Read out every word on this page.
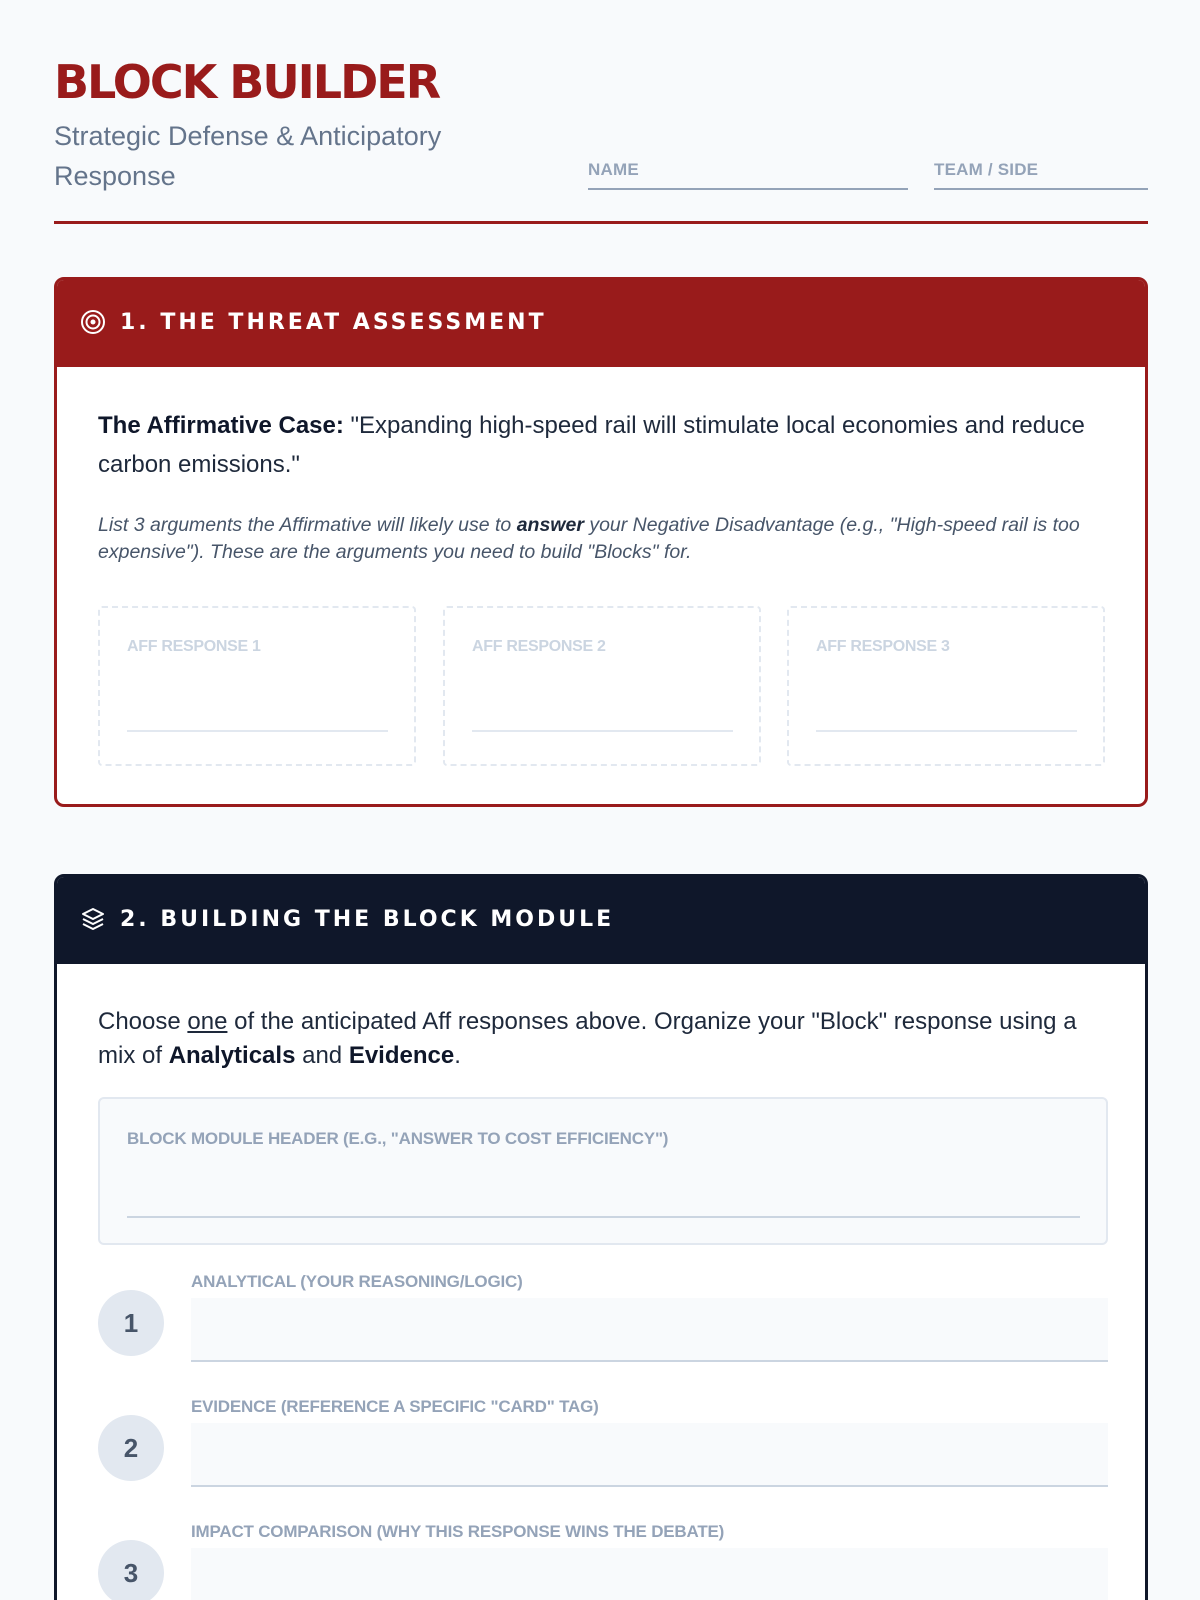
BLOCK BUILDER
Strategic Defense & Anticipatory Response	NAME	TEAM / SIDE
1. THE THREAT ASSESSMENT
The Affirmative Case: "Expanding high-speed rail will stimulate local economies and reduce carbon emissions."
List 3 arguments the Affirmative will likely use to answer your Negative Disadvantage (e.g., "High-speed rail is too expensive"). These are the arguments you need to build "Blocks" for.
AFF RESPONSE 1	AFF RESPONSE 2	AFF RESPONSE 3
2. BUILDING THE BLOCK MODULE
Choose one of the anticipated Aff responses above. Organize your "Block" response using a mix of Analyticals and Evidence.
BLOCK MODULE HEADER (E.G., "ANSWER TO COST EFFICIENCY")
1
ANALYTICAL (YOUR REASONING/LOGIC)
2
EVIDENCE (REFERENCE A SPECIFIC "CARD" TAG)
3
IMPACT COMPARISON (WHY THIS RESPONSE WINS THE DEBATE)
